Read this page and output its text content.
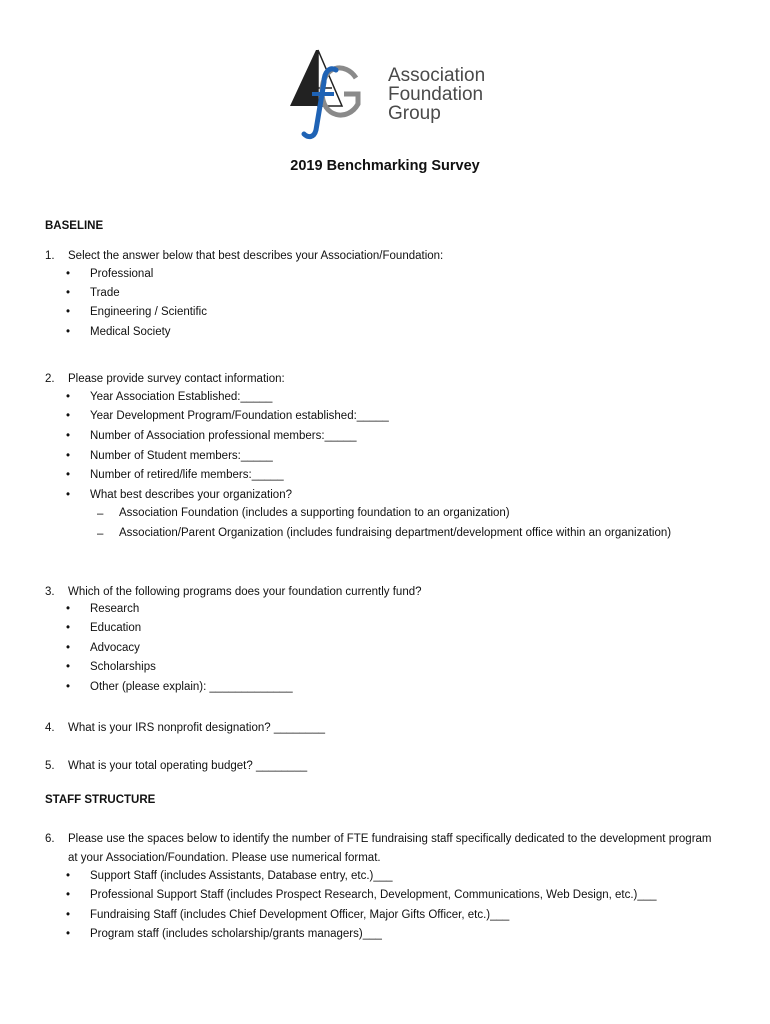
Association
Foundation
Group
2019 Benchmarking Survey
BASELINE
1. Select the answer below that best describes your Association/Foundation:
• Professional
• Trade
• Engineering / Scientific
• Medical Society
2. Please provide survey contact information:
• Year Association Established:_____
• Year Development Program/Foundation established:_____
• Number of Association professional members:_____
• Number of Student members:_____
• Number of retired/life members:_____
• What best describes your organization?
– Association Foundation (includes a supporting foundation to an organization)
– Association/Parent Organization (includes fundraising department/development office within an organization)
3. Which of the following programs does your foundation currently fund?
• Research
• Education
• Advocacy
• Scholarships
• Other (please explain): _____________
4. What is your IRS nonprofit designation? ________
5. What is your total operating budget? ________
STAFF STRUCTURE
6. Please use the spaces below to identify the number of FTE fundraising staff specifically dedicated to the development program at your Association/Foundation. Please use numerical format.
• Support Staff (includes Assistants, Database entry, etc.)___
• Professional Support Staff (includes Prospect Research, Development, Communications, Web Design, etc.)___
• Fundraising Staff (includes Chief Development Officer, Major Gifts Officer, etc.)___
• Program staff (includes scholarship/grants managers)___
